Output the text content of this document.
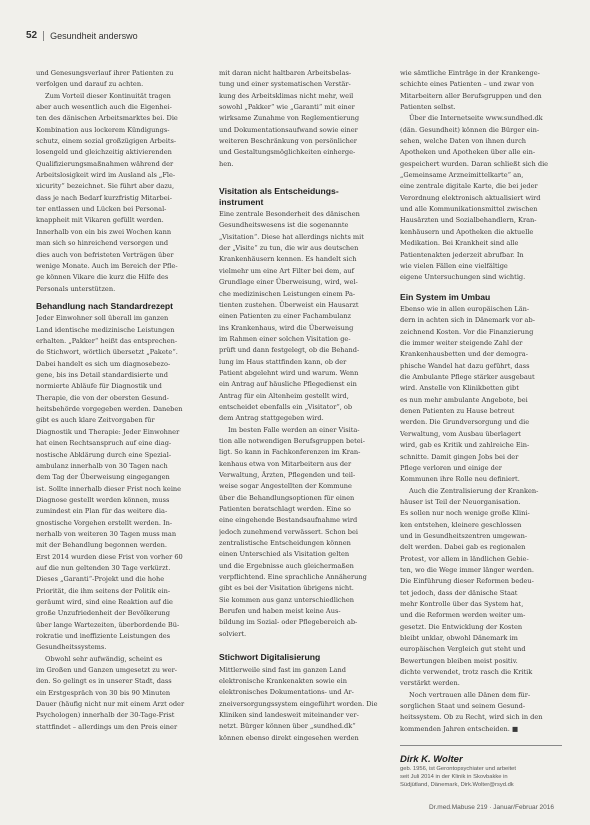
52 Gesundheit anderswo
und Genesungsverlauf ihrer Patienten zu
verfolgen und darauf zu achten.
Zum Vorteil dieser Kontinuität tragen
aber auch wesentlich auch die Eigenhei-
ten des dänischen Arbeitsmarktes bei. Die
Kombination aus lockerem Kündigungs-
schutz, einem sozial großzügigen Arbeits-
losengeld und gleichzeitig aktivierenden
Qualifizierungsmaßnahmen während der
Arbeitslosigkeit wird im Ausland als „Fle-
xicurity“ bezeichnet. Sie führt aber dazu,
dass je nach Bedarf kurzfristig Mitarbei-
ter entlassen und Lücken bei Personal-
knappheit mit Vikaren gefüllt werden.
Innerhalb von ein bis zwei Wochen kann
man sich so hinreichend versorgen und
dies auch von befristeten Verträgen über
wenige Monate. Auch im Bereich der Pfle-
ge können Vikare die kurz die Hilfe des
Personals unterstützen.
Behandlung nach Standardrezept
Jeder Einwohner soll überall im ganzen
Land identische medizinische Leistungen
erhalten. „Pakker“ heißt das entsprechen-
de Stichwort, wörtlich übersetzt „Pakete“.
Dabei handelt es sich um diagnosebezo-
gene, bis ins Detail standardisierte und
normierte Abläufe für Diagnostik und
Therapie, die von der obersten Gesund-
heitsbehörde vorgegeben werden. Daneben
gibt es auch klare Zeitvorgaben für
Diagnostik und Therapie: Jeder Einwohner
hat einen Rechtsanspruch auf eine diag-
nostische Abklärung durch eine Spezial-
ambulanz innerhalb von 30 Tagen nach
dem Tag der Überweisung eingegangen
ist. Sollte innerhalb dieser Frist noch keine
Diagnose gestellt werden können, muss
zumindest ein Plan für das weitere dia-
gnostische Vorgehen erstellt werden. In-
nerhalb von weiteren 30 Tagen muss man
mit der Behandlung begonnen werden.
Erst 2014 wurden diese Frist von vorher 60
auf die nun geltenden 30 Tage verkürzt.
Dieses „Garanti“-Projekt und die hohe
Priorität, die ihm seitens der Politik ein-
geräumt wird, sind eine Reaktion auf die
große Unzufriedenheit der Bevölkerung
über lange Wartezeiten, überbordende Bü-
rokratie und ineffiziente Leistungen des
Gesundheitssystems.
Obwohl sehr aufwändig, scheint es
im Großen und Ganzen umgesetzt zu wer-
den. So gelingt es in unserer Stadt, dass
ein Erstgespräch von 30 bis 90 Minuten
Dauer (häufig nicht nur mit einem Arzt oder
Psychologen) innerhalb der 30-Tage-Frist
stattfindet – allerdings um den Preis einer
mit daran nicht haltbaren Arbeitsbelas-
tung und einer systematischen Verstär-
kung des Arbeitsklimas nicht mehr, weil
sowohl „Pakker“ wie „Garanti“ mit einer
wirksame Zunahme von Reglementierung
und Dokumentationsaufwand sowie einer
weiteren Beschränkung von persönlicher
und Gestaltungsmöglichkeiten einherge-
hen.
Visitation als Entscheidungs-
instrument
Eine zentrale Besonderheit des dänischen
Gesundheitswesens ist die sogenannte
„Visitation“. Diese hat allerdings nichts mit
der „Visite“ zu tun, die wir aus deutschen
Krankenhäusern kennen. Es handelt sich
vielmehr um eine Art Filter bei dem, auf
Grundlage einer Überweisung, wird, wel-
che medizinischen Leistungen einem Pa-
tienten zustehen. Überweist ein Hausarzt
einen Patienten zu einer Fachambulanz
ins Krankenhaus, wird die Überweisung
im Rahmen einer solchen Visitation ge-
prüft und dann festgelegt, ob die Behand-
lung im Haus stattfinden kann, ob der
Patient abgelehnt wird und warum. Wenn
ein Antrag auf häusliche Pflegedienst ein
Antrag für ein Altenheim gestellt wird,
entscheidet ebenfalls ein „Visitator“, ob
dem Antrag stattgegeben wird.
Im besten Falle werden an einer Visita-
tion alle notwendigen Berufsgruppen betei-
ligt. So kann in Fachkonferenzen im Kran-
kenhaus etwa von Mitarbeitern aus der
Verwaltung, Ärzten, Pflegenden und teil-
weise sogar Angestellten der Kommune
über die Behandlungsoptionen für einen
Patienten beratschlagt werden. Eine so
eine eingehende Bestandsaufnahme wird
jedoch zunehmend verwässert. Schon bei
zentralistische Entscheidungen können
einen Unterschied als Visitation gelten
und die Ergebnisse auch gleichermaßen
verpflichtend. Eine sprachliche Annäherung
gibt es bei der Visitation übrigens nicht.
Sie kommen aus ganz unterschiedlichen
Berufen und haben meist keine Aus-
bildung im Sozial- oder Pflegebereich ab-
solviert.
Stichwort Digitalisierung
Mittlerweile sind fast im ganzen Land
elektronische Krankenakten sowie ein
elektronisches Dokumentations- und Ar-
zneiversorgungssystem eingeführt worden. Die
Kliniken sind landesweit miteinander ver-
netzt. Bürger können über „sundhed.dk“
können ebenso direkt eingesehen werden
wie sämtliche Einträge in der Krankenge-
schichte eines Patienten – und zwar von
Mitarbeitern aller Berufsgruppen und den
Patienten selbst.
Über die Internetseite www.sundhed.dk
(dän. Gesundheit) können die Bürger ein-
sehen, welche Daten von ihnen durch
Apotheken und Apotheken über alle ein-
gespeichert wurden. Daran schließt sich die
„Gemeinsame Arzneimittelkarte“ an,
eine zentrale digitale Karte, die bei jeder
Verordnung elektronisch aktualisiert wird
und alle Kommunikationsmittel zwischen
Hausärzten und Sozialbehandlern, Kran-
kenhäusern und Apotheken die aktuelle
Medikation. Bei Krankheit sind alle
Patientenakten jederzeit abrufbar. In
wie vielen Fällen eine vielfältige
eigene Untersuchungen sind wichtig.
Ein System im Umbau
Ebenso wie in allen europäischen Län-
dern in achten sich in Dänemark vor ab-
zeichnend Kosten. Vor die Finanzierung
die immer weiter steigende Zahl der
Krankenhausbetten und der demogra-
phische Wandel hat dazu geführt, dass
die Ambulante Pflege stärker ausgebaut
wird. Anstelle von Klinikbetten gibt
es nun mehr ambulante Angebote, bei
denen Patienten zu Hause betreut
werden. Die Grundversorgung und die
Verwaltung, vom Ausbau überlagert
wird, gab es Kritik und zahlreiche Ein-
schnitte. Damit gingen Jobs bei der
Pflege verloren und einige der
Kommunen ihre Rolle neu definiert.
Auch die Zentralisierung der Kranken-
häuser ist Teil der Neuorganisation.
Es sollen nur noch wenige große Klini-
ken entstehen, kleinere geschlossen
und in Gesundheitszentren umgewan-
delt werden. Dabei gab es regionalen
Protest, vor allem in ländlichen Gebie-
ten, wo die Wege immer länger werden.
Die Einführung dieser Reformen bedeu-
tet jedoch, dass der dänische Staat
mehr Kontrolle über das System hat,
und die Reformen werden weiter um-
gesetzt. Die Entwicklung der Kosten
bleibt unklar, obwohl Dänemark im
europäischen Vergleich gut steht und
Bewertungen bleiben meist positiv.
dichte verwendet, trotz rasch die Kritik
verstärkt werden.
Noch vertrauen alle Dänen dem für-
sorglichen Staat und seinem Gesund-
heitssystem. Ob zu Recht, wird sich in den
kommenden Jahren entscheiden. ■
Dirk K. Wolter
geb. 1956, ist Gerontopsychiater und arbeitet
seit Juli 2014 in der Klinik in Skovbakke in
Südjütland, Dänemark, Dirk.Wolter@rsyd.dk
Dr.med.Mabuse 219 · Januar/Februar 2016
